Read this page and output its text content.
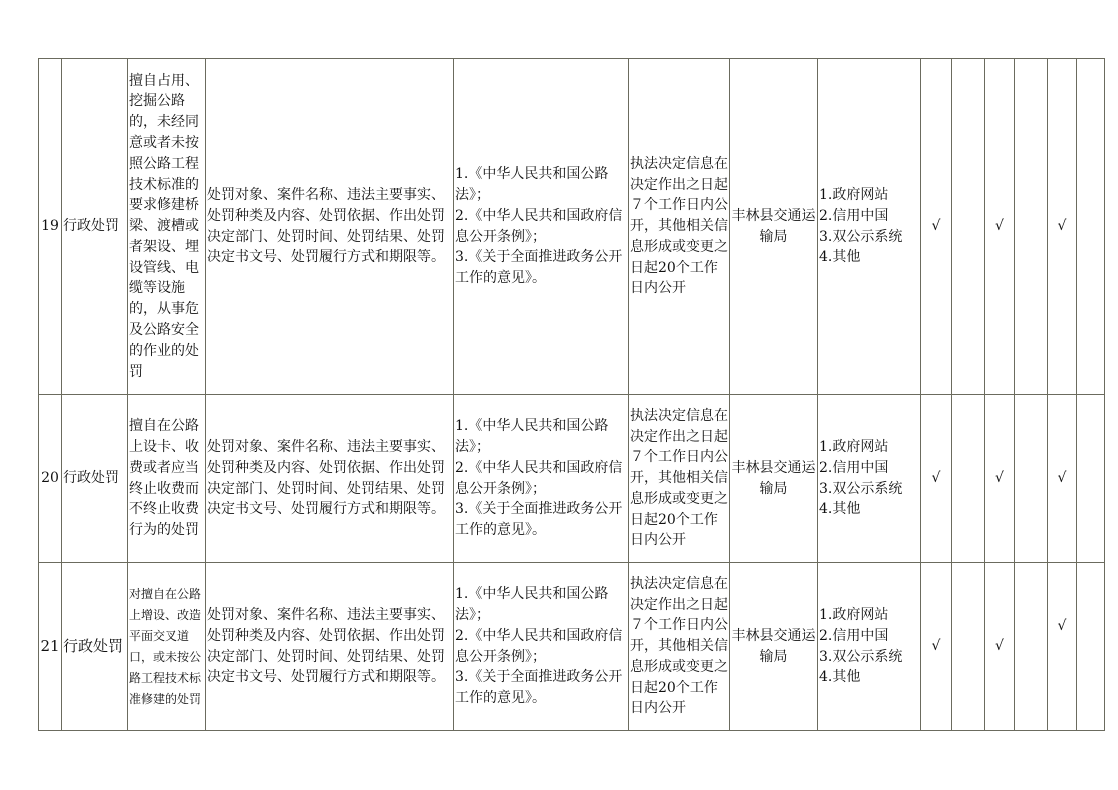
19	行政处罚	擅自占用、挖掘公路的，未经同意或者未按照公路工程技术标准的要求修建桥梁、渡槽或者架设、埋设管线、电缆等设施的，从事危及公路安全的作业的处罚	处罚对象、案件名称、违法主要事实、处罚种类及内容、处罚依据、作出处罚决定部门、处罚时间、处罚结果、处罚决定书文号、处罚履行方式和期限等。	1.《中华人民共和国公路法》；
2.《中华人民共和国政府信息公开条例》；
3.《关于全面推进政务公开工作的意见》。	执法决定信息在决定作出之日起７个工作日内公开，其他相关信息形成或变更之日起20个工作日内公开	丰林县交通运输局	1.政府网站
2.信用中国
3.双公示系统
4.其他	√		√		√	
20	行政处罚	擅自在公路上设卡、收费或者应当终止收费而不终止收费行为的处罚	处罚对象、案件名称、违法主要事实、处罚种类及内容、处罚依据、作出处罚决定部门、处罚时间、处罚结果、处罚决定书文号、处罚履行方式和期限等。	1.《中华人民共和国公路法》；
2.《中华人民共和国政府信息公开条例》；
3.《关于全面推进政务公开工作的意见》。	执法决定信息在决定作出之日起７个工作日内公开，其他相关信息形成或变更之日起20个工作日内公开	丰林县交通运输局	1.政府网站
2.信用中国
3.双公示系统
4.其他	√		√		√	
21	行政处罚	对擅自在公路上增设、改造平面交叉道口，或未按公路工程技术标准修建的处罚	处罚对象、案件名称、违法主要事实、处罚种类及内容、处罚依据、作出处罚决定部门、处罚时间、处罚结果、处罚决定书文号、处罚履行方式和期限等。	1.《中华人民共和国公路法》；
2.《中华人民共和国政府信息公开条例》；
3.《关于全面推进政务公开工作的意见》。	执法决定信息在决定作出之日起７个工作日内公开，其他相关信息形成或变更之日起20个工作日内公开	丰林县交通运输局	1.政府网站
2.信用中国
3.双公示系统
4.其他	√		√		√	
